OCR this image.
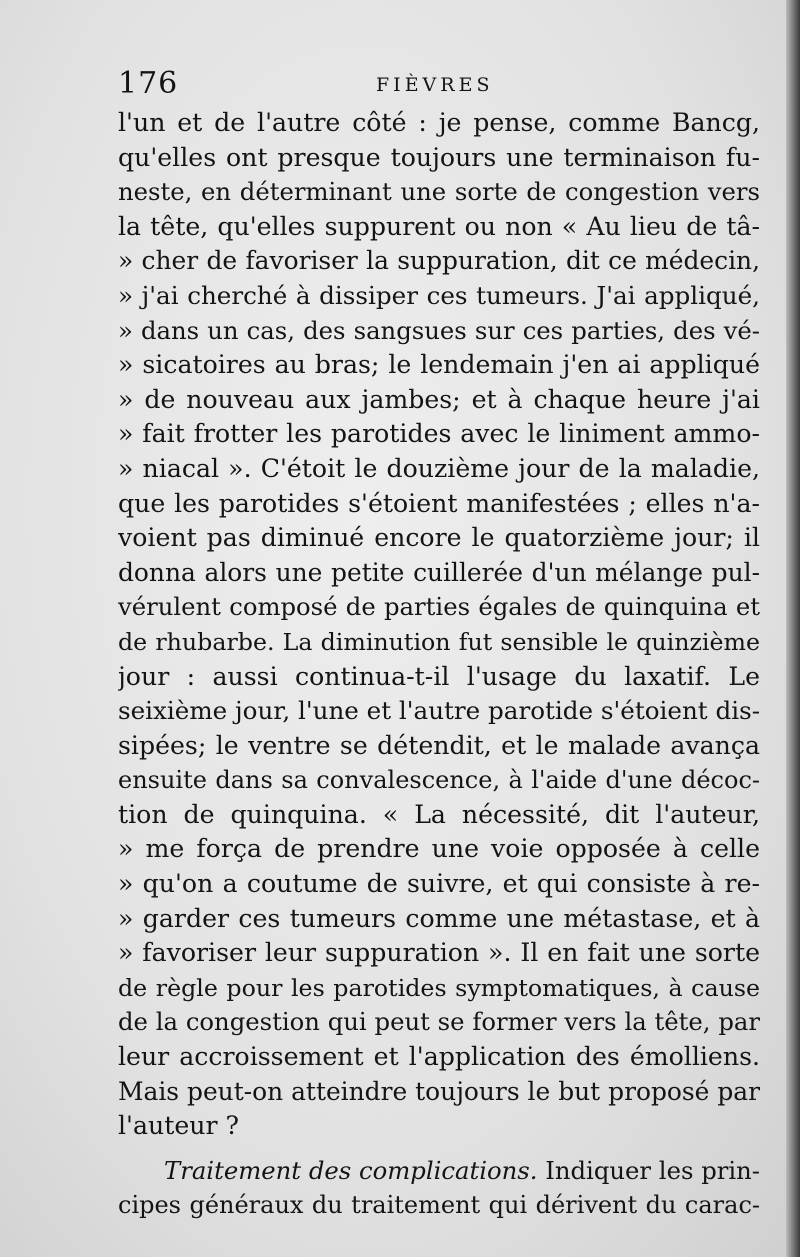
176	FIÈVRES
l'un et de l'autre côté : je pense, comme Bancg,
qu'elles ont presque toujours une terminaison fu-
neste, en déterminant une sorte de congestion vers
la tête, qu'elles suppurent ou non « Au lieu de tâ-
» cher de favoriser la suppuration, dit ce médecin,
» j'ai cherché à dissiper ces tumeurs. J'ai appliqué,
» dans un cas, des sangsues sur ces parties, des vé-
» sicatoires au bras; le lendemain j'en ai appliqué
» de nouveau aux jambes; et à chaque heure j'ai
» fait frotter les parotides avec le liniment ammo-
» niacal ». C'étoit le douzième jour de la maladie,
que les parotides s'étoient manifestées ; elles n'a-
voient pas diminué encore le quatorzième jour; il
donna alors une petite cuillerée d'un mélange pul-
vérulent composé de parties égales de quinquina et
de rhubarbe. La diminution fut sensible le quinzième
jour : aussi continua-t-il l'usage du laxatif. Le
seixième jour, l'une et l'autre parotide s'étoient dis-
sipées; le ventre se détendit, et le malade avança
ensuite dans sa convalescence, à l'aide d'une décoc-
tion de quinquina. « La nécessité, dit l'auteur,
» me força de prendre une voie opposée à celle
» qu'on a coutume de suivre, et qui consiste à re-
» garder ces tumeurs comme une métastase, et à
» favoriser leur suppuration ». Il en fait une sorte
de règle pour les parotides symptomatiques, à cause
de la congestion qui peut se former vers la tête, par
leur accroissement et l'application des émolliens.
Mais peut-on atteindre toujours le but proposé par
l'auteur ?
Traitement des complications. Indiquer les prin-
cipes généraux du traitement qui dérivent du carac-
